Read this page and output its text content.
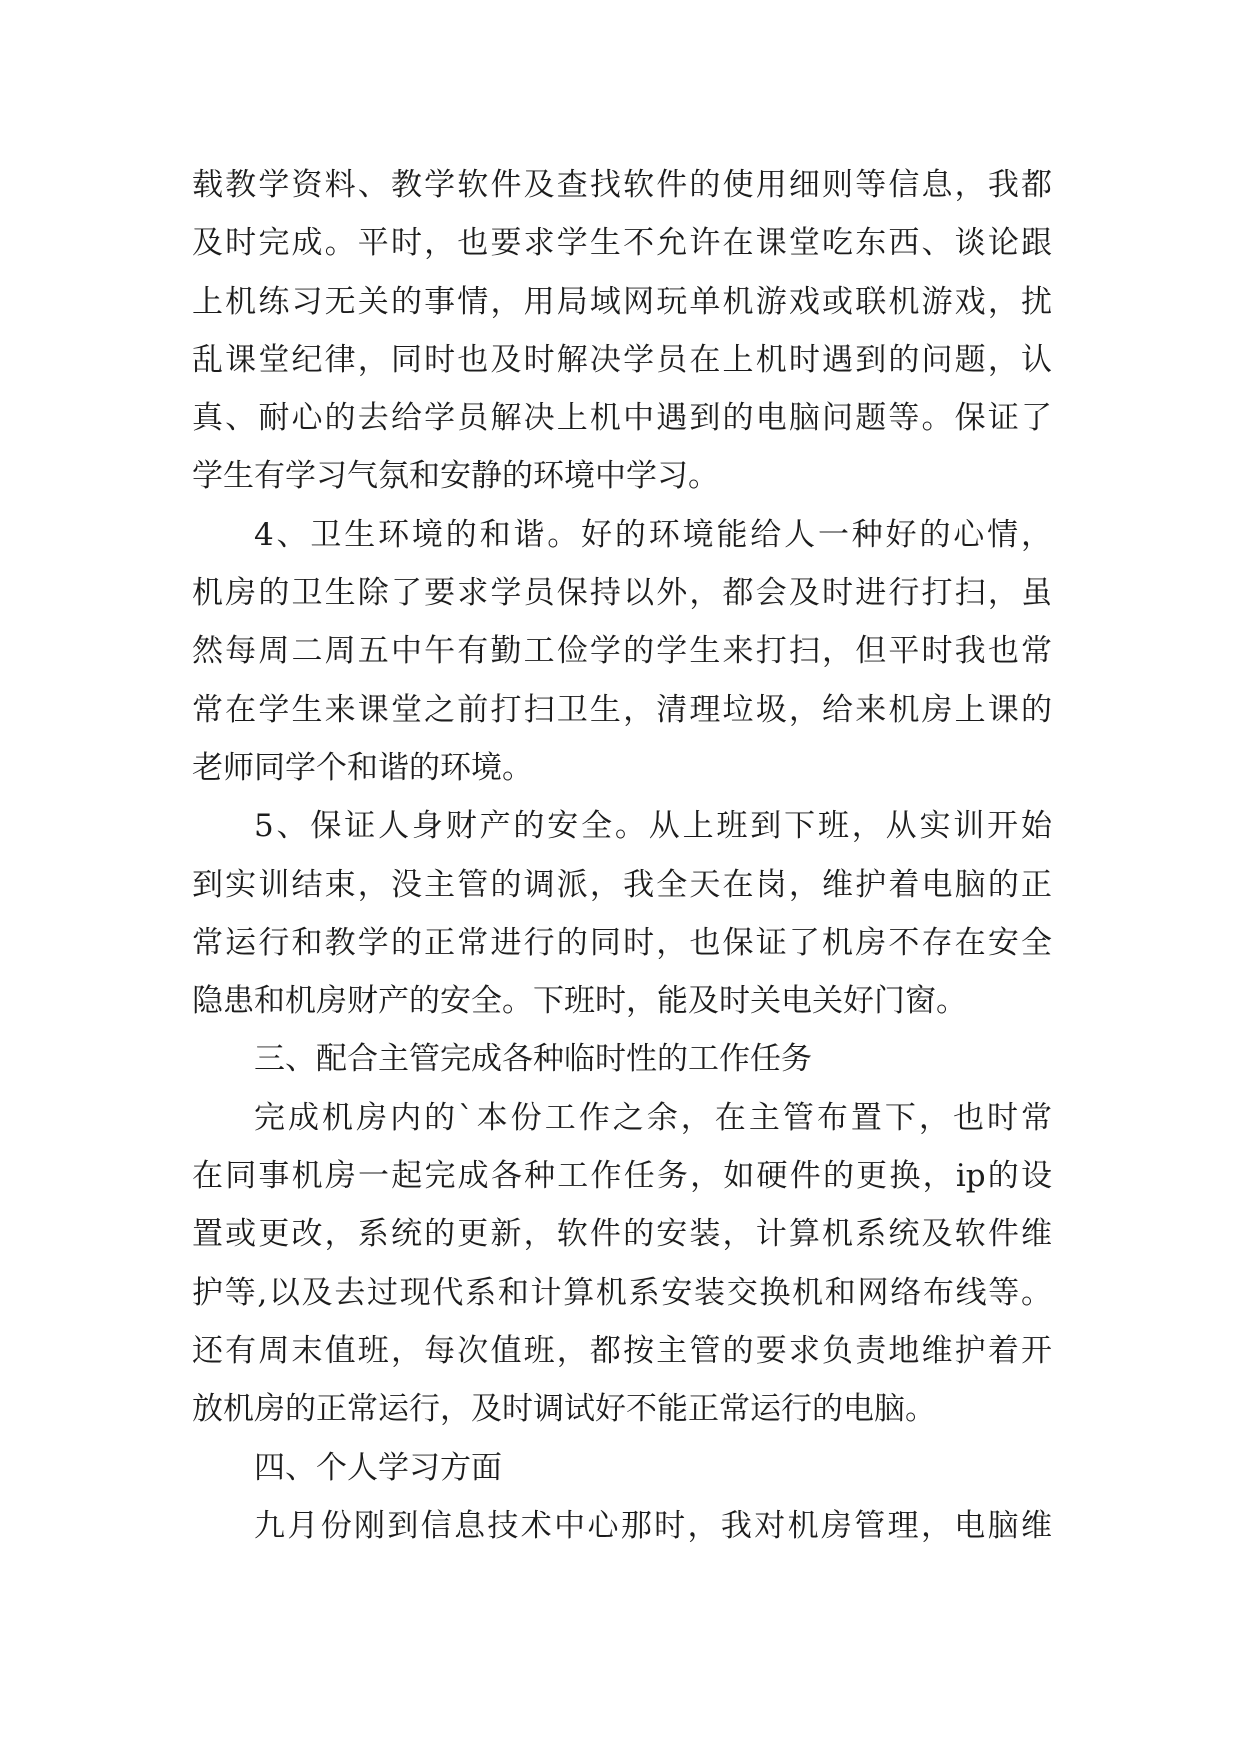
载教学资料、教学软件及查找软件的使用细则等信息，我都
及时完成。平时，也要求学生不允许在课堂吃东西、谈论跟
上机练习无关的事情，用局域网玩单机游戏或联机游戏，扰
乱课堂纪律，同时也及时解决学员在上机时遇到的问题，认
真、耐心的去给学员解决上机中遇到的电脑问题等。保证了
学生有学习气氛和安静的环境中学习。
4、卫生环境的和谐。好的环境能给人一种好的心情，
机房的卫生除了要求学员保持以外，都会及时进行打扫，虽
然每周二周五中午有勤工俭学的学生来打扫，但平时我也常
常在学生来课堂之前打扫卫生，清理垃圾，给来机房上课的
老师同学个和谐的环境。
5、保证人身财产的安全。从上班到下班，从实训开始
到实训结束，没主管的调派，我全天在岗，维护着电脑的正
常运行和教学的正常进行的同时，也保证了机房不存在安全
隐患和机房财产的安全。下班时，能及时关电关好门窗。
三、配合主管完成各种临时性的工作任务
完成机房内的`本份工作之余，在主管布置下，也时常
在同事机房一起完成各种工作任务，如硬件的更换，ip的设
置或更改，系统的更新，软件的安装，计算机系统及软件维
护等,以及去过现代系和计算机系安装交换机和网络布线等。
还有周末值班，每次值班，都按主管的要求负责地维护着开
放机房的正常运行，及时调试好不能正常运行的电脑。
四、个人学习方面
九月份刚到信息技术中心那时，我对机房管理，电脑维
